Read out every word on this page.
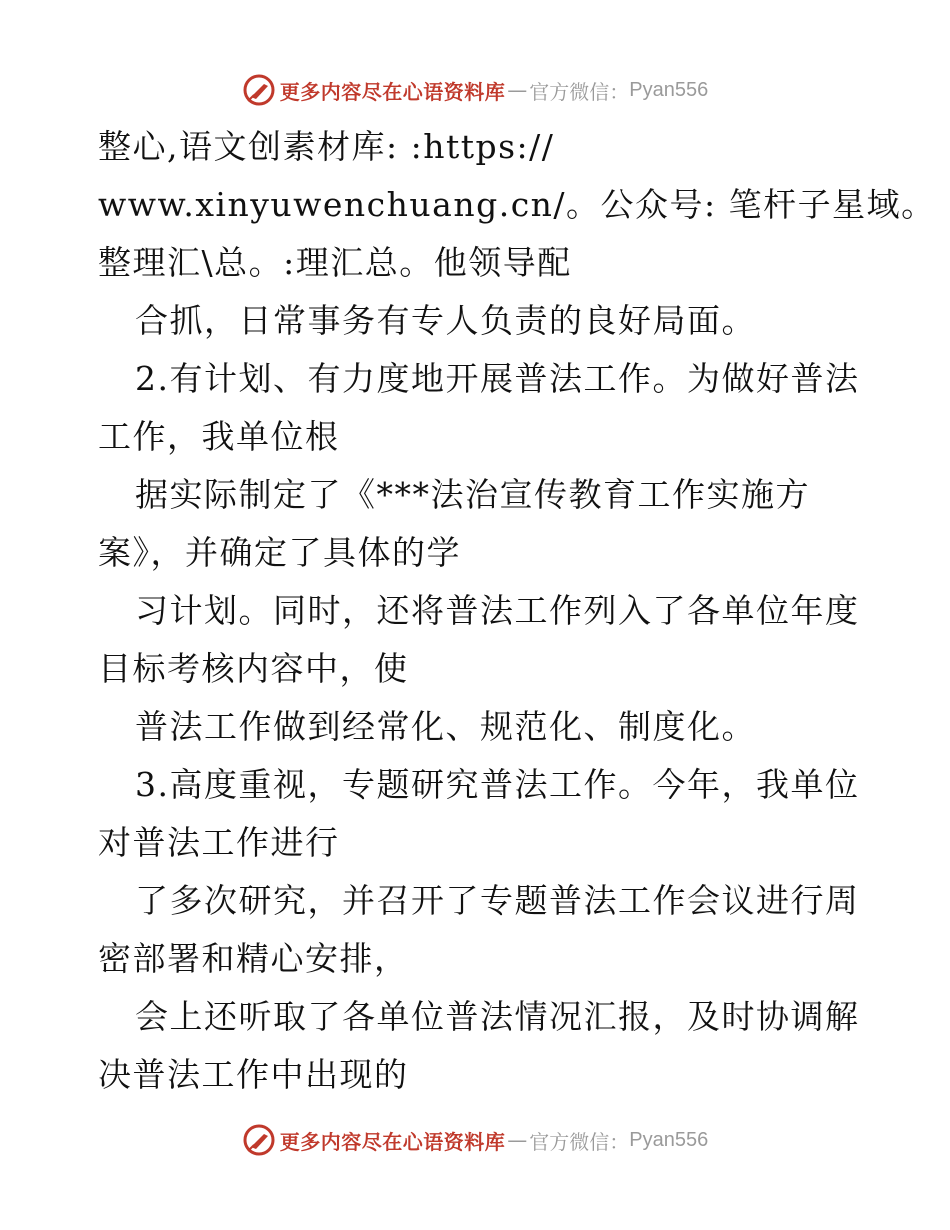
更多内容尽在心语资料库 — 官方微信： Pyan556
整心,语文创素材库: :https://
www.xinyuwenchuang.cn/。公众号: 笔杆子星域。
整理汇\总。:理汇总。他领导配
合抓，日常事务有专人负责的良好局面。
2.有计划、有力度地开展普法工作。为做好普法
工作，我单位根
据实际制定了《***法治宣传教育工作实施方
案》，并确定了具体的学
习计划。同时，还将普法工作列入了各单位年度
目标考核内容中，使
普法工作做到经常化、规范化、制度化。
3.高度重视，专题研究普法工作。今年，我单位
对普法工作进行
了多次研究，并召开了专题普法工作会议进行周
密部署和精心安排，
会上还听取了各单位普法情况汇报，及时协调解
决普法工作中出现的
更多内容尽在心语资料库 — 官方微信： Pyan556
